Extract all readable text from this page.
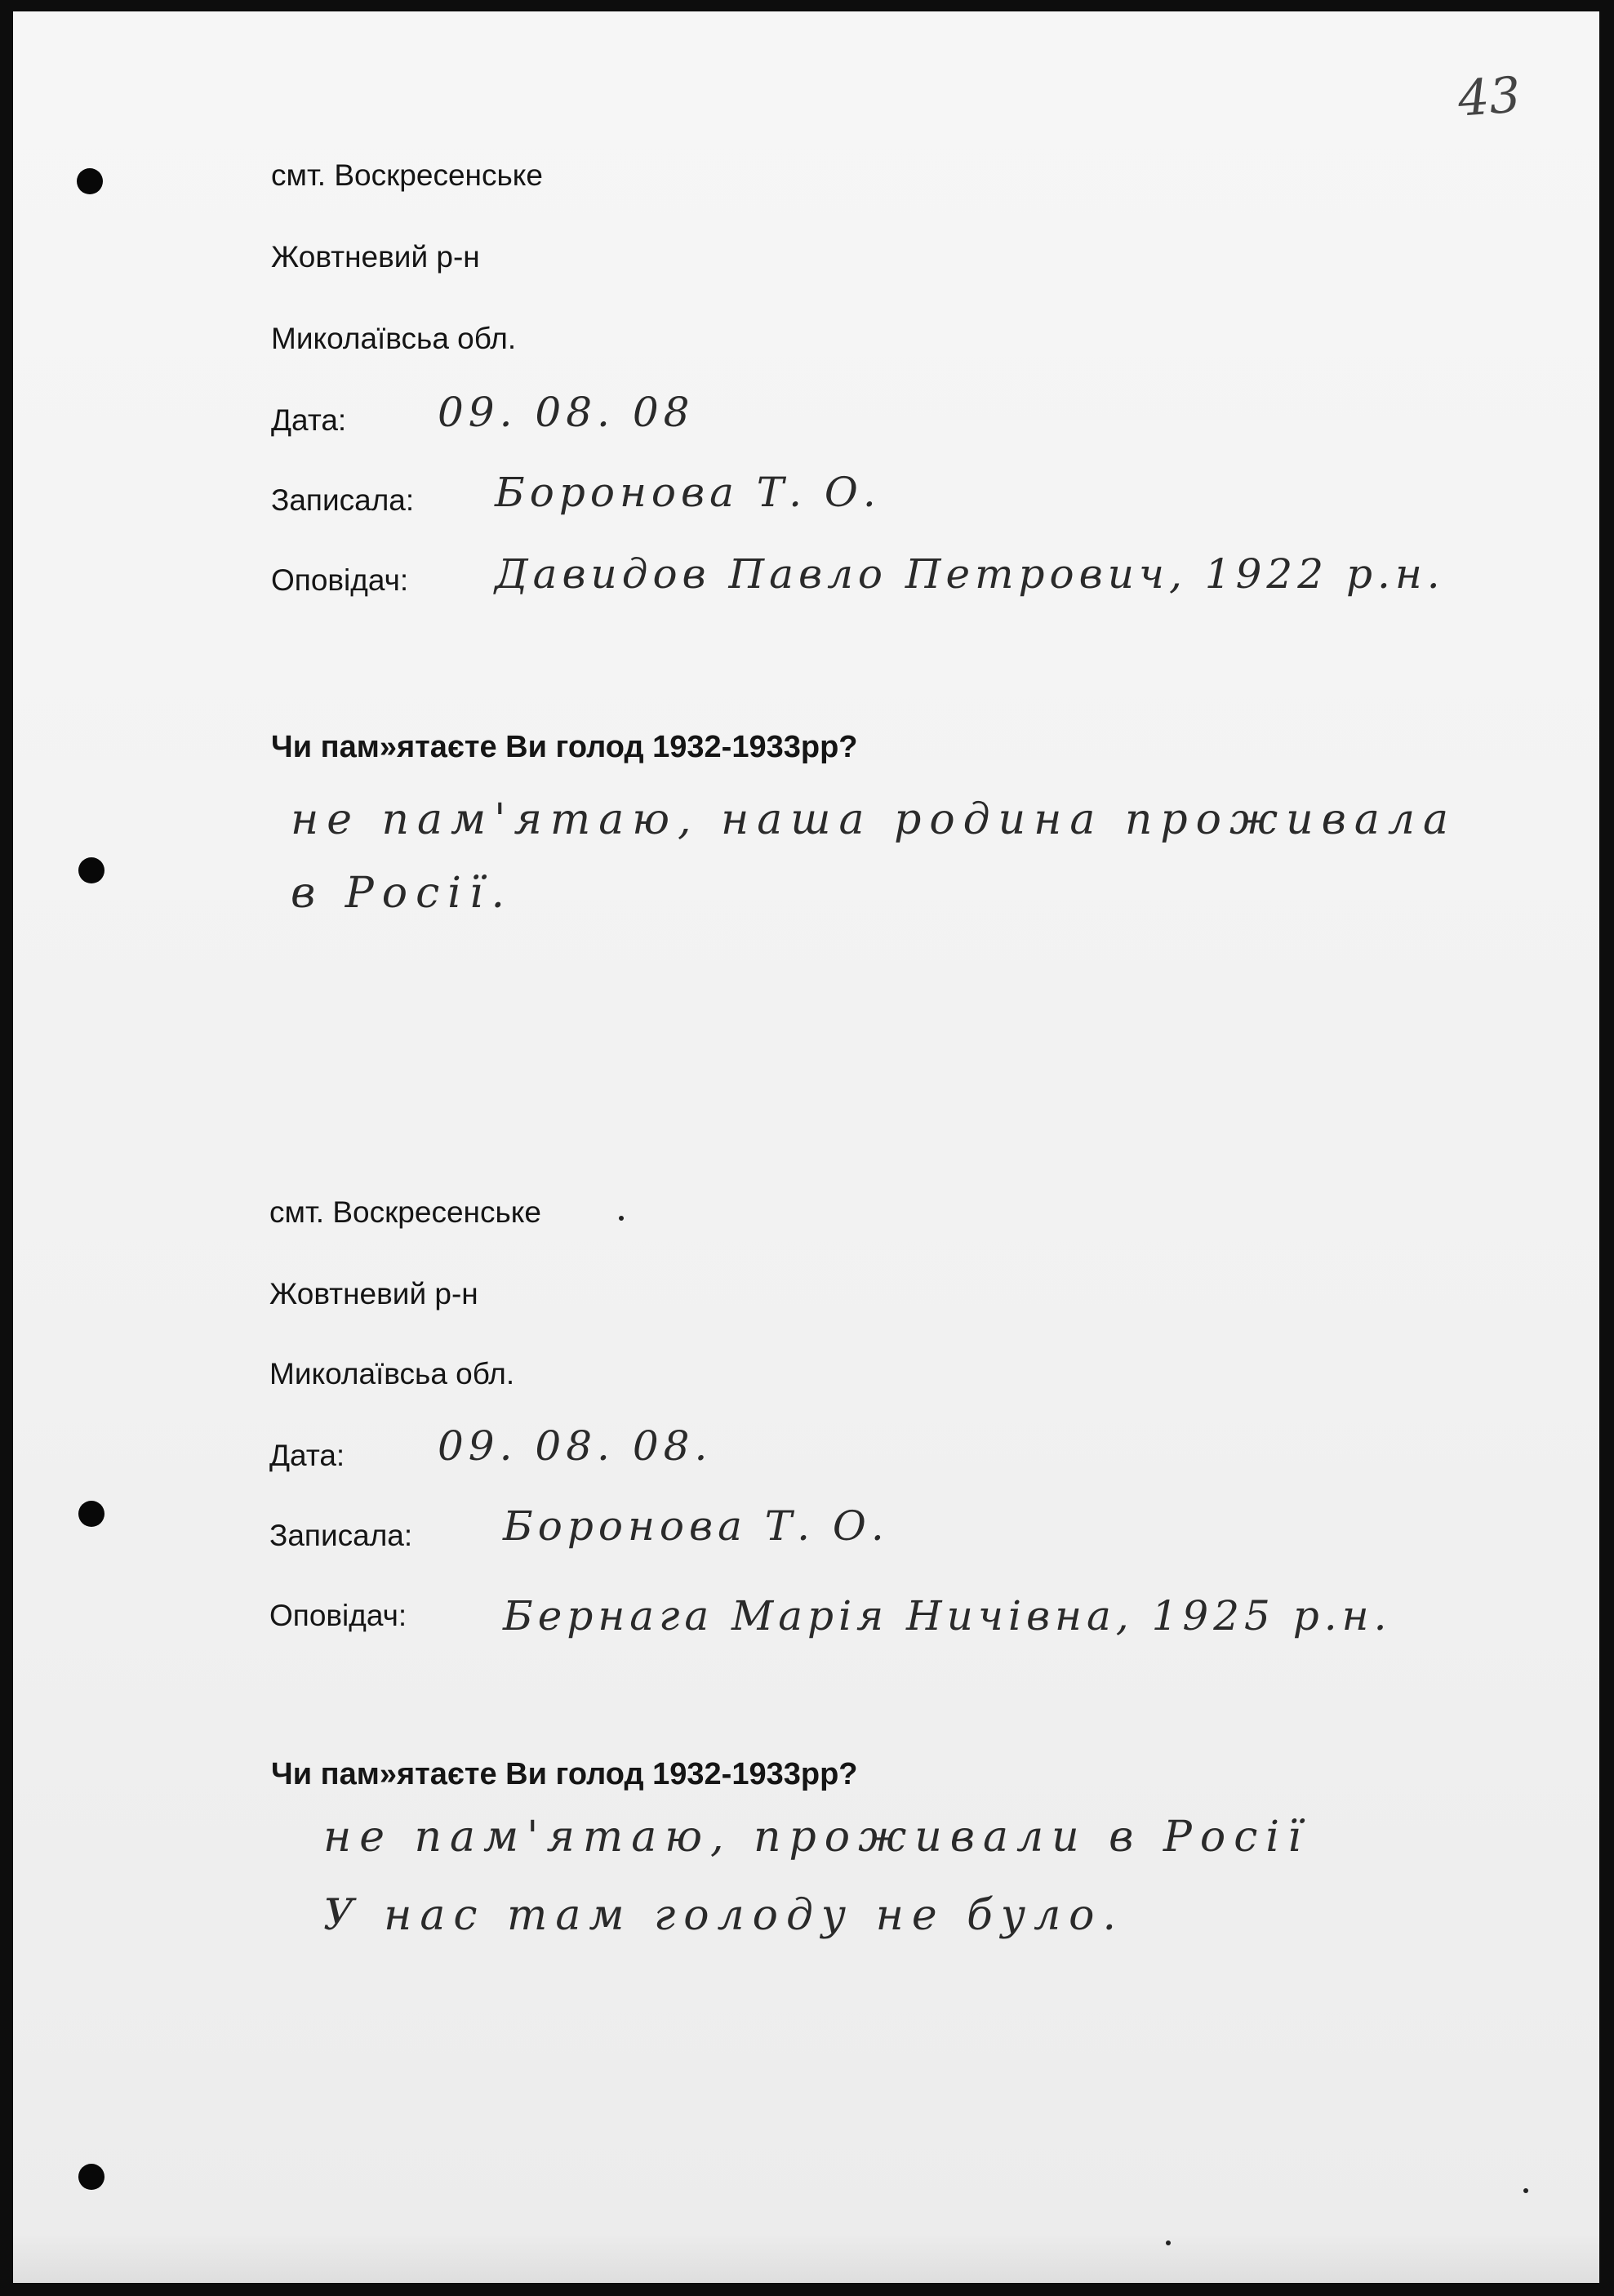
43
смт. Воскресенське
Жовтневий р-н
Миколаївсьа обл.
Дата: 09. 08. 08
Записала: Боронова Т. О.
Оповідач: Давидов Павло Петрович, 1922 р.н.
Чи пам»ятаєте Ви голод 1932-1933рр?
не пам'ятаю, наша родина проживала
в Росії.
смт. Воскресенське
Жовтневий р-н
Миколаївсьа обл.
Дата: 09. 08. 08.
Записала: Боронова Т. О.
Оповідач: Бернага Марія Ничівна, 1925 р.н.
Чи пам»ятаєте Ви голод 1932-1933рр?
не пам'ятаю, проживали в Росії
У нас там голоду не було.
